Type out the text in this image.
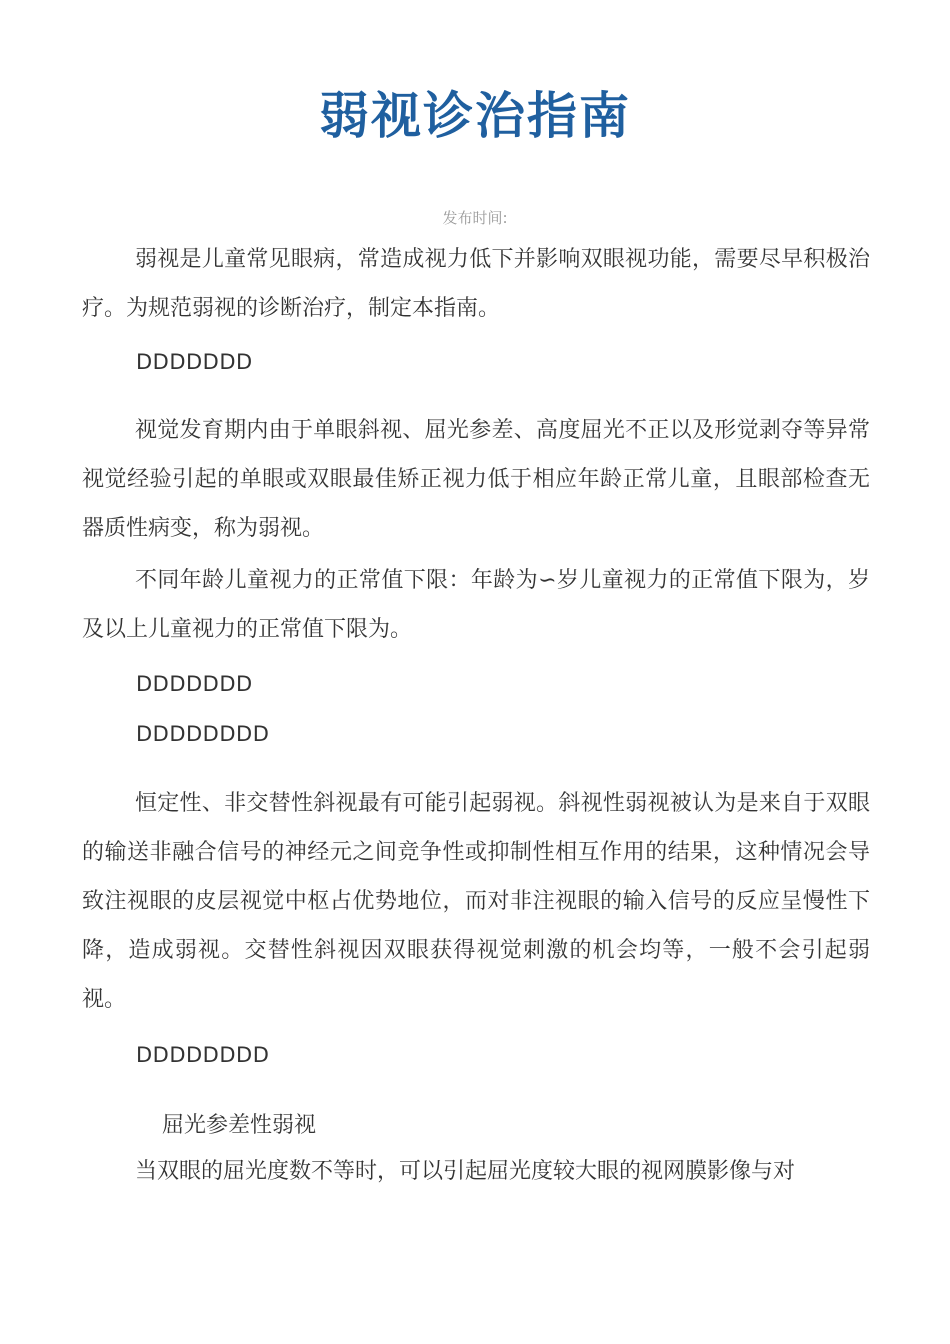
弱视诊治指南
发布时间:

弱视是儿童常见眼病，常造成视力低下并影响双眼视功能，需要尽早积极治疗。为规范弱视的诊断治疗，制定本指南。

DDDDDDD

视觉发育期内由于单眼斜视、屈光参差、高度屈光不正以及形觉剥夺等异常视觉经验引起的单眼或双眼最佳矫正视力低于相应年龄正常儿童，且眼部检查无器质性病变，称为弱视。

不同年龄儿童视力的正常值下限：年龄为∽岁儿童视力的正常值下限为，岁及以上儿童视力的正常值下限为。

DDDDDDD
DDDDDDDD

恒定性、非交替性斜视最有可能引起弱视。斜视性弱视被认为是来自于双眼的输送非融合信号的神经元之间竞争性或抑制性相互作用的结果，这种情况会导致注视眼的皮层视觉中枢占优势地位，而对非注视眼的输入信号的反应呈慢性下降，造成弱视。交替性斜视因双眼获得视觉刺激的机会均等，一般不会引起弱视。

DDDDDDDD
屈光参差性弱视

当双眼的屈光度数不等时，可以引起屈光度较大眼的视网膜影像与对
